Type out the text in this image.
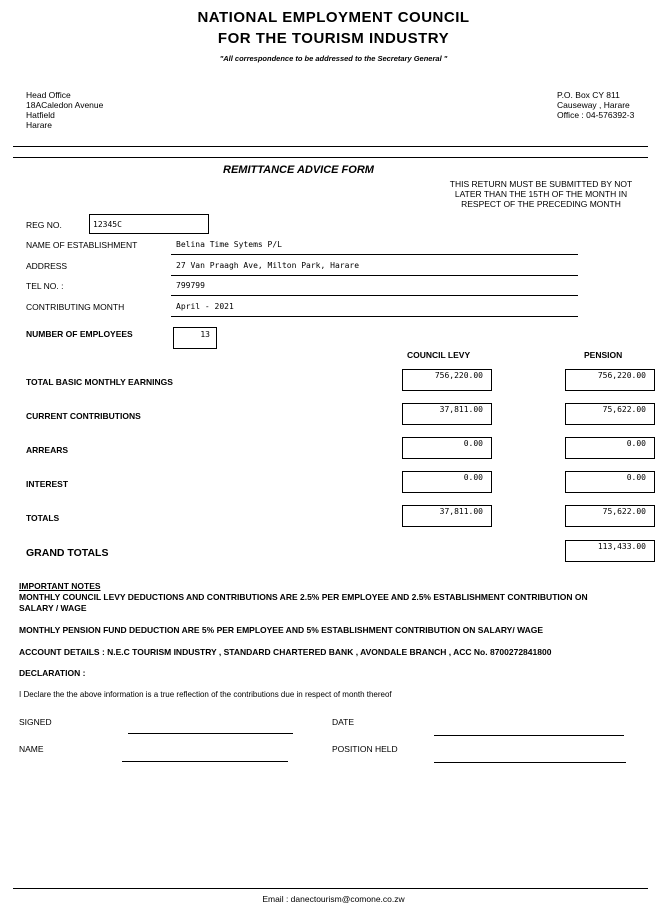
NATIONAL EMPLOYMENT COUNCIL
FOR THE TOURISM INDUSTRY
"All correspondence to be addressed to the Secretary General "
Head Office
18ACaledon Avenue
Hatfield
Harare
P.O. Box CY 811
Causeway , Harare
Office : 04-576392-3
REMITTANCE ADVICE FORM
THIS RETURN MUST BE SUBMITTED BY NOT
LATER THAN THE 15TH OF THE MONTH IN
RESPECT OF THE PRECEDING MONTH
REG NO.	12345C
NAME OF ESTABLISHMENT	Belina Time Sytems P/L
ADDRESS	27 Van Praagh Ave, Milton Park, Harare
TEL NO. :	799799
CONTRIBUTING MONTH	April - 2021
NUMBER OF EMPLOYEES	13
COUNCIL LEVY	PENSION
TOTAL BASIC MONTHLY EARNINGS
756,220.00	756,220.00
CURRENT CONTRIBUTIONS
37,811.00	75,622.00
ARREARS
0.00	0.00
INTEREST
0.00	0.00
TOTALS
37,811.00	75,622.00
GRAND TOTALS
113,433.00
IMPORTANT NOTES
MONTHLY COUNCIL LEVY DEDUCTIONS AND CONTRIBUTIONS ARE 2.5% PER EMPLOYEE AND 2.5% ESTABLISHMENT CONTRIBUTION ON
SALARY / WAGE
MONTHLY PENSION FUND DEDUCTION ARE 5% PER EMPLOYEE AND 5% ESTABLISHMENT CONTRIBUTION ON SALARY/ WAGE
ACCOUNT DETAILS : N.E.C TOURISM INDUSTRY , STANDARD CHARTERED BANK , AVONDALE BRANCH , ACC No. 8700272841800
DECLARATION :
I Declare the the above information is a true reflection of the contributions due in respect of month thereof
SIGNED	DATE
NAME	POSITION HELD
Email : danectourism@comone.co.zw
